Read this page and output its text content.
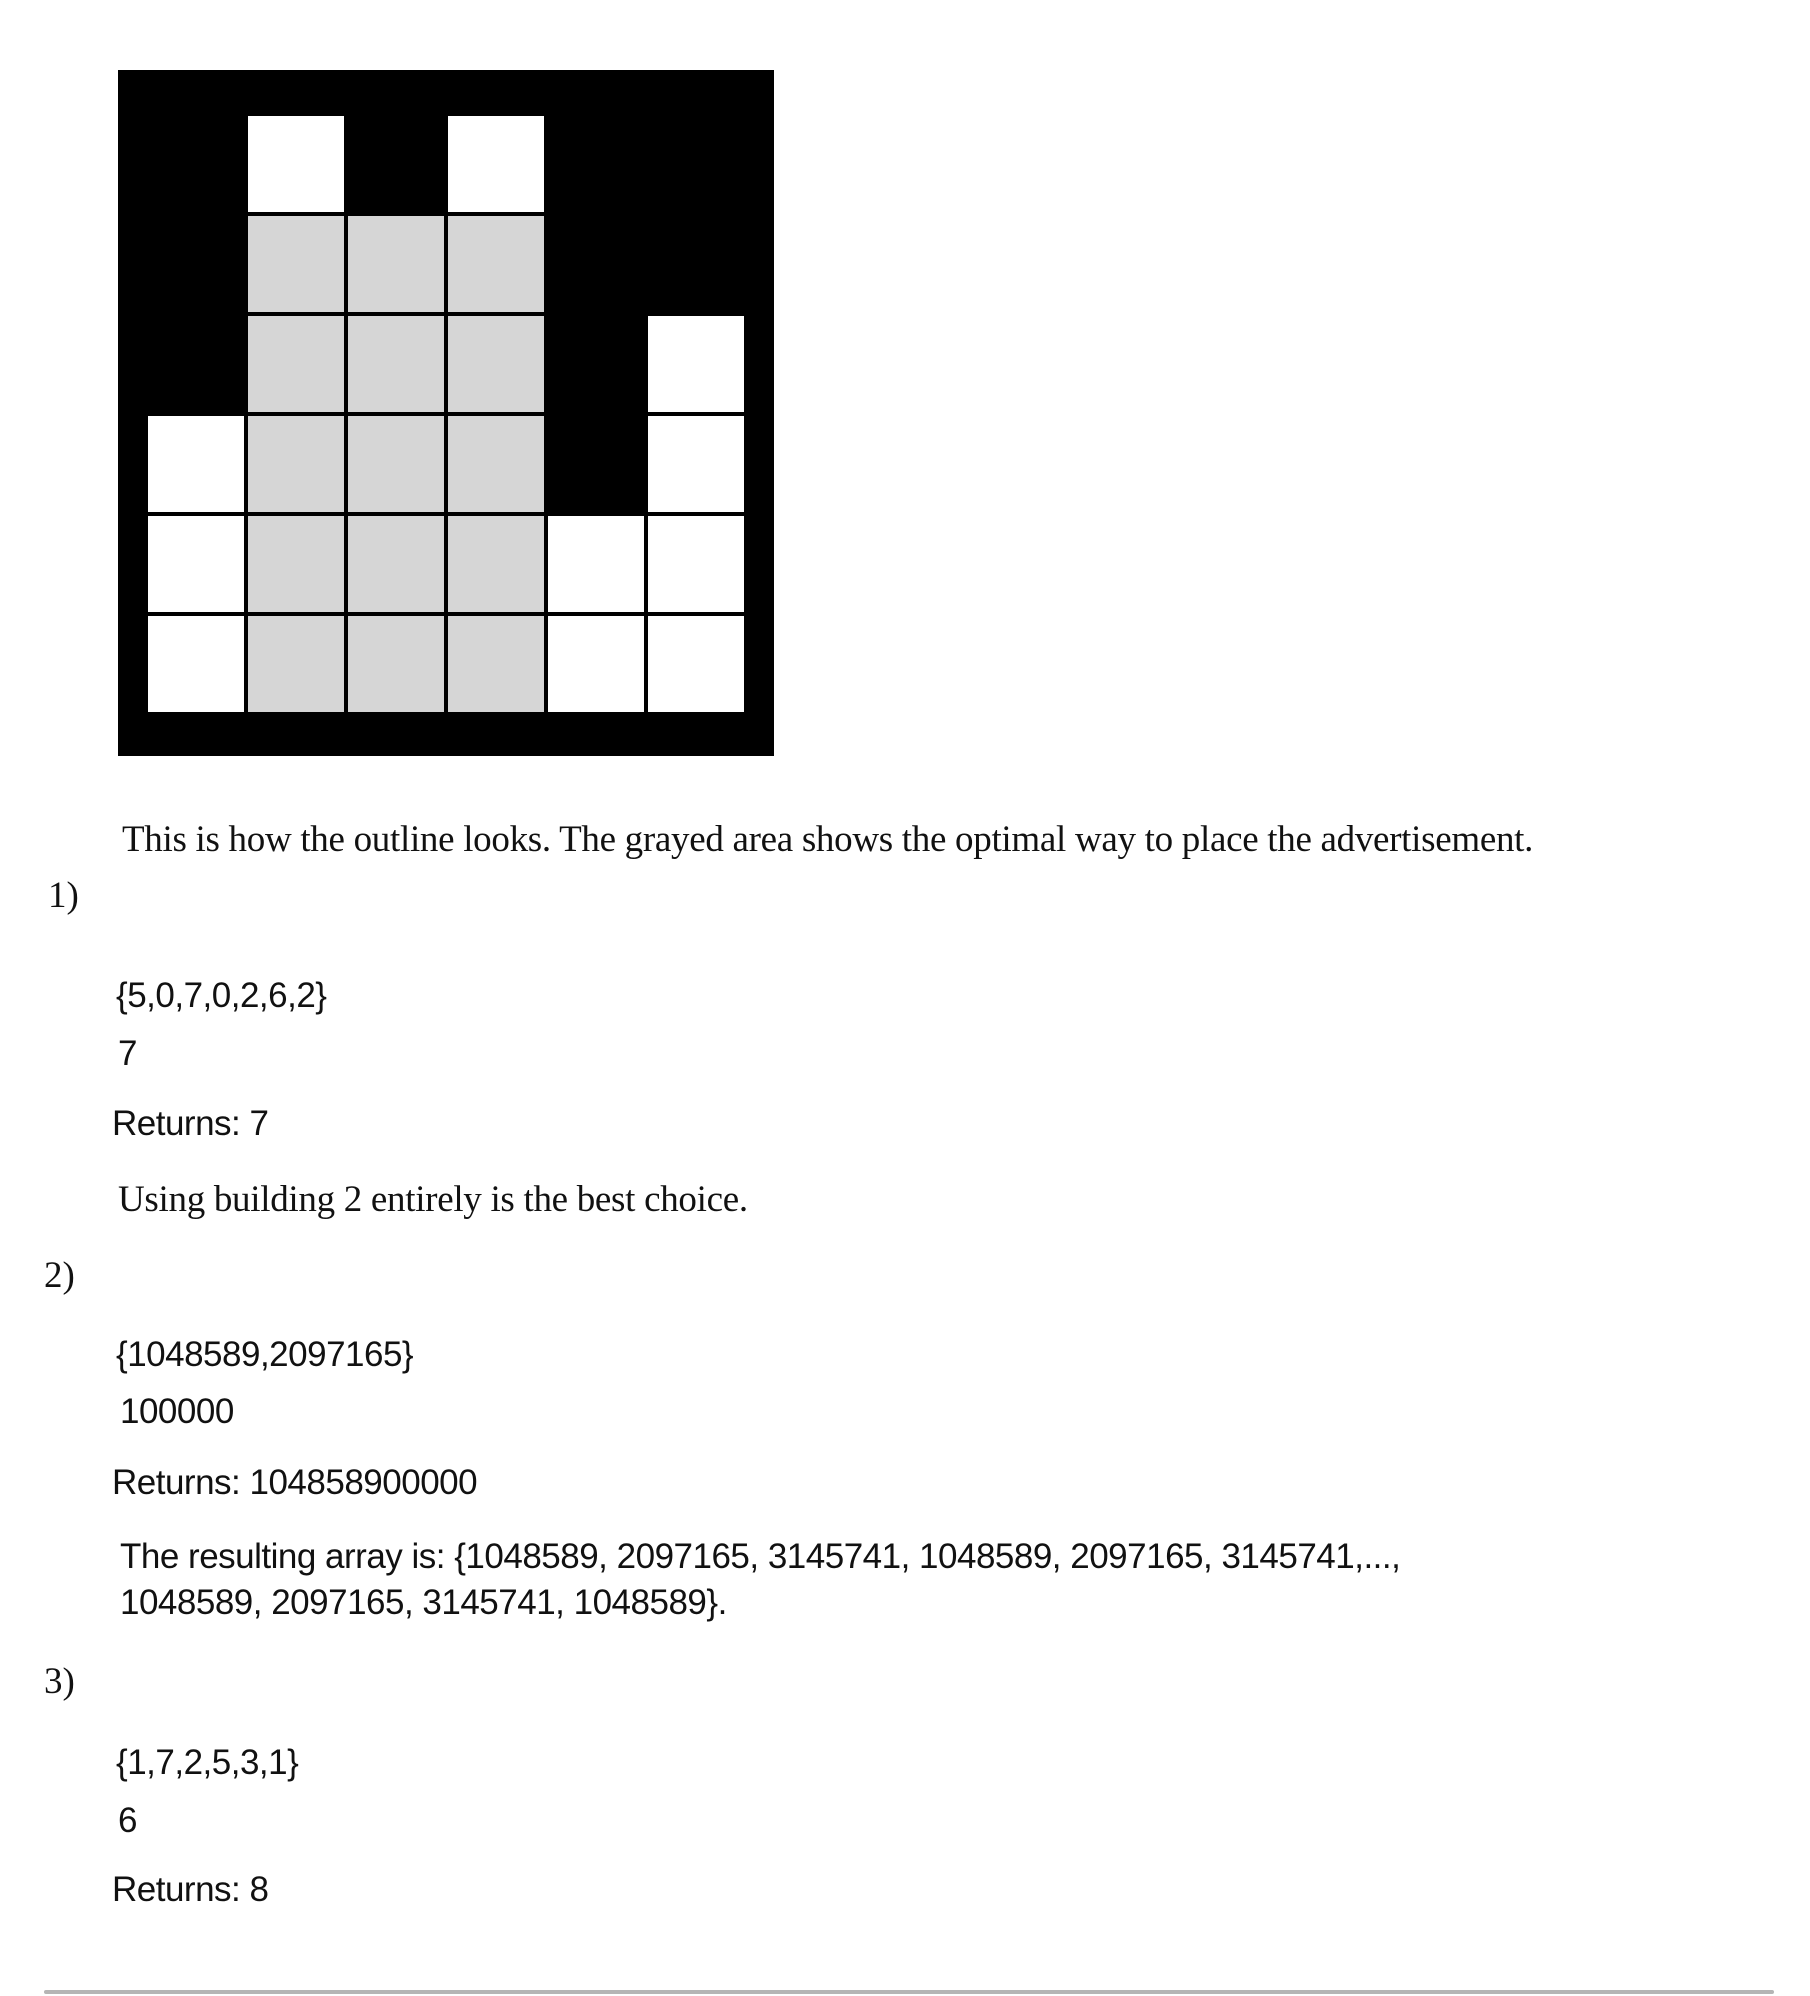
This is how the outline looks. The grayed area shows the optimal way to place the advertisement.
1)
{5,0,7,0,2,6,2}
7
Returns: 7
Using building 2 entirely is the best choice.
2)
{1048589,2097165}
100000
Returns: 104858900000
The resulting array is: {1048589, 2097165, 3145741, 1048589, 2097165, 3145741,...,
1048589, 2097165, 3145741, 1048589}.
3)
{1,7,2,5,3,1}
6
Returns: 8
